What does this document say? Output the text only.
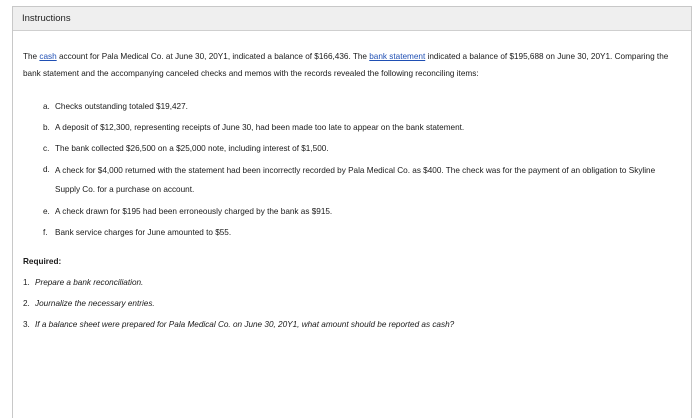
Instructions

The cash account for Pala Medical Co. at June 30, 20Y1, indicated a balance of $166,436. The bank statement indicated a balance of $195,688 on June 30, 20Y1. Comparing the bank statement and the accompanying canceled checks and memos with the records revealed the following reconciling items:

a. Checks outstanding totaled $19,427.
b. A deposit of $12,300, representing receipts of June 30, had been made too late to appear on the bank statement.
c. The bank collected $26,500 on a $25,000 note, including interest of $1,500.
d. A check for $4,000 returned with the statement had been incorrectly recorded by Pala Medical Co. as $400. The check was for the payment of an obligation to Skyline Supply Co. for a purchase on account.
e. A check drawn for $195 had been erroneously charged by the bank as $915.
f. Bank service charges for June amounted to $55.
Required:
1. Prepare a bank reconciliation.
2. Journalize the necessary entries.
3. If a balance sheet were prepared for Pala Medical Co. on June 30, 20Y1, what amount should be reported as cash?
